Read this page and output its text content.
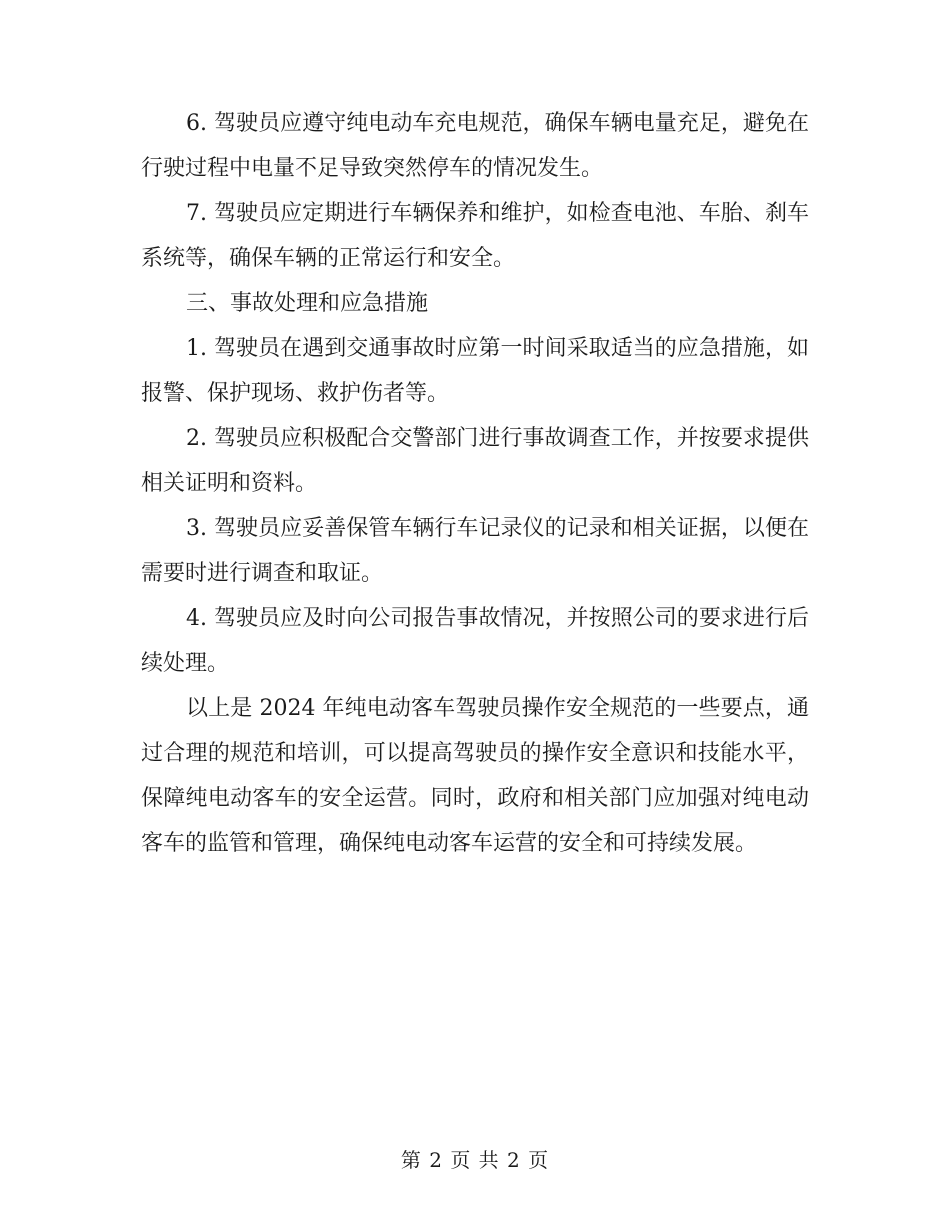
6. 驾驶员应遵守纯电动车充电规范，确保车辆电量充足，避免在行驶过程中电量不足导致突然停车的情况发生。

7. 驾驶员应定期进行车辆保养和维护，如检查电池、车胎、刹车系统等，确保车辆的正常运行和安全。

三、事故处理和应急措施

1. 驾驶员在遇到交通事故时应第一时间采取适当的应急措施，如报警、保护现场、救护伤者等。

2. 驾驶员应积极配合交警部门进行事故调查工作，并按要求提供相关证明和资料。

3. 驾驶员应妥善保管车辆行车记录仪的记录和相关证据，以便在需要时进行调查和取证。

4. 驾驶员应及时向公司报告事故情况，并按照公司的要求进行后续处理。

以上是 2024 年纯电动客车驾驶员操作安全规范的一些要点，通过合理的规范和培训，可以提高驾驶员的操作安全意识和技能水平，保障纯电动客车的安全运营。同时，政府和相关部门应加强对纯电动客车的监管和管理，确保纯电动客车运营的安全和可持续发展。

第 2 页 共 2 页
